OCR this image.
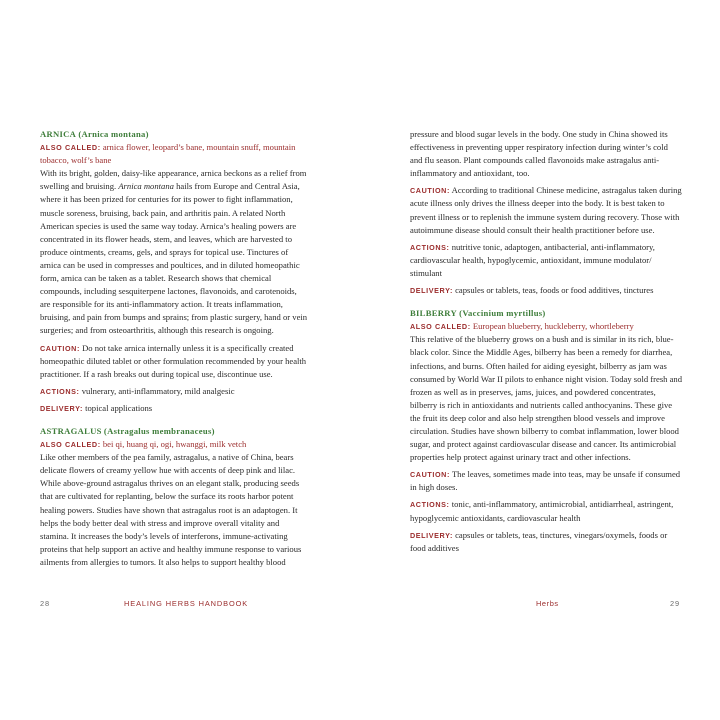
ARNICA (Arnica montana)

ALSO CALLED: arnica flower, leopard’s bane, mountain snuff, mountain tobacco, wolf’s bane

With its bright, golden, daisy-like appearance, arnica beckons as a relief from swelling and bruising. Arnica montana hails from Europe and Central Asia, where it has been prized for centuries for its power to fight inflammation, muscle soreness, bruising, back pain, and arthritis pain. A related North American species is used the same way today. Arnica’s healing powers are concentrated in its flower heads, stem, and leaves, which are harvested to produce ointments, creams, gels, and sprays for topical use. Tinctures of arnica can be used in compresses and poultices, and in diluted homeopathic form, arnica can be taken as a tablet. Research shows that chemical compounds, including sesquiterpene lactones, flavonoids, and carotenoids, are responsible for its anti-inflammatory action. It treats inflammation, bruising, and pain from bumps and sprains; from plastic surgery, hand or vein surgeries; and from osteoarthritis, although this research is ongoing.

CAUTION: Do not take arnica internally unless it is a specifically created homeopathic diluted tablet or other formulation recommended by your health practitioner. If a rash breaks out during topical use, discontinue use.

ACTIONS: vulnerary, anti-inflammatory, mild analgesic

DELIVERY: topical applications

ASTRAGALUS (Astragalus membranaceus)

ALSO CALLED: bei qi, huang qi, ogi, hwanggi, milk vetch

Like other members of the pea family, astragalus, a native of China, bears delicate flowers of creamy yellow hue with accents of deep pink and lilac. While above-ground astragalus thrives on an elegant stalk, producing seeds that are cultivated for replanting, below the surface its roots harbor potent healing powers. Studies have shown that astragalus root is an adaptogen. It helps the body better deal with stress and improve overall vitality and stamina. It increases the body’s levels of interferons, immune-activating proteins that help support an active and healthy immune response to various ailments from allergies to tumors. It also helps to support healthy blood

pressure and blood sugar levels in the body. One study in China showed its effectiveness in preventing upper respiratory infection during winter’s cold and flu season. Plant compounds called flavonoids make astragalus anti-inflammatory and antioxidant, too.

CAUTION: According to traditional Chinese medicine, astragalus taken during acute illness only drives the illness deeper into the body. It is best taken to prevent illness or to replenish the immune system during recovery. Those with autoimmune disease should consult their health practitioner before use.

ACTIONS: nutritive tonic, adaptogen, antibacterial, anti-inflammatory, cardiovascular health, hypoglycemic, antioxidant, immune modulator/ stimulant

DELIVERY: capsules or tablets, teas, foods or food additives, tinctures

BILBERRY (Vaccinium myrtillus)

ALSO CALLED: European blueberry, huckleberry, whortleberry

This relative of the blueberry grows on a bush and is similar in its rich, blue-black color. Since the Middle Ages, bilberry has been a remedy for diarrhea, infections, and burns. Often hailed for aiding eyesight, bilberry as jam was consumed by World War II pilots to enhance night vision. Today sold fresh and frozen as well as in preserves, jams, juices, and powdered concentrates, bilberry is rich in antioxidants and nutrients called anthocyanins. These give the fruit its deep color and also help strengthen blood vessels and improve circulation. Studies have shown bilberry to combat inflammation, lower blood sugar, and protect against cardiovascular disease and cancer. Its antimicrobial properties help protect against urinary tract and other infections.

CAUTION: The leaves, sometimes made into teas, may be unsafe if consumed in high doses.

ACTIONS: tonic, anti-inflammatory, antimicrobial, antidiarrheal, astringent, hypoglycemic antioxidants, cardiovascular health

DELIVERY: capsules or tablets, teas, tinctures, vinegars/oxymels, foods or food additives

28	HEALING HERBS HANDBOOK	Herbs	29
